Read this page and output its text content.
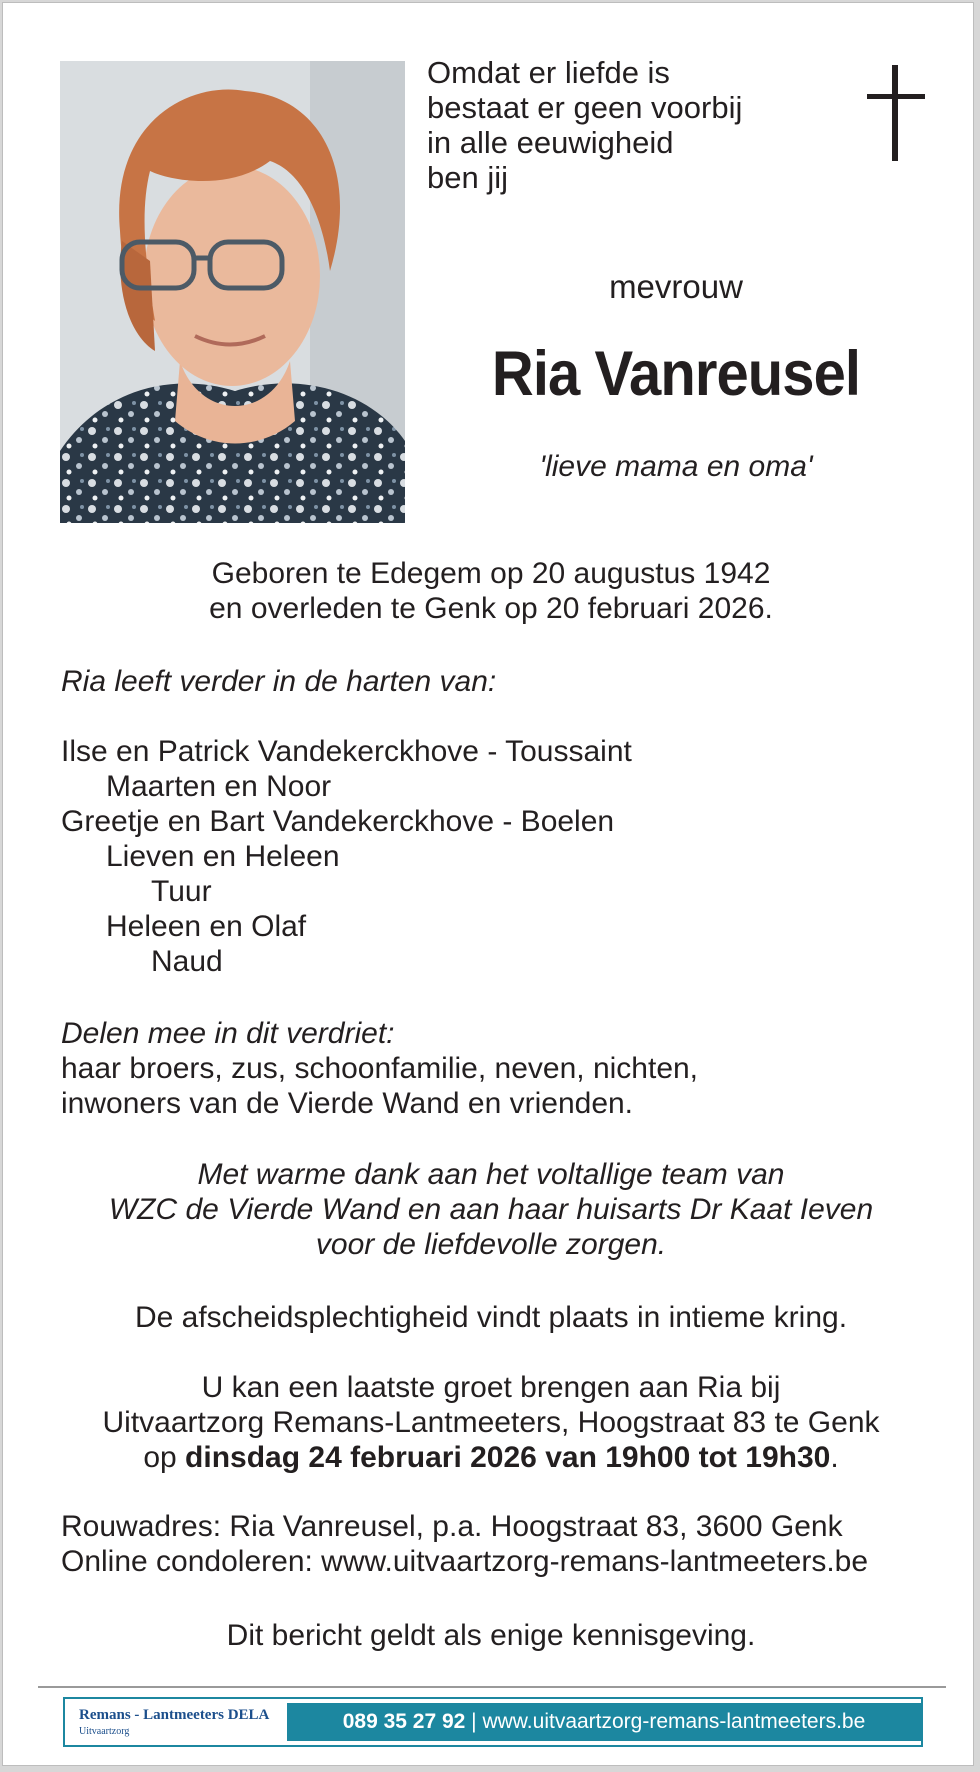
Omdat er liefde is
bestaat er geen voorbij
in alle eeuwigheid
ben jij
mevrouw
Ria Vanreusel
'lieve mama en oma'
Geboren te Edegem op 20 augustus 1942
en overleden te Genk op 20 februari 2026.
Ria leeft verder in de harten van:
Ilse en Patrick Vandekerckhove - Toussaint
Maarten en Noor
Greetje en Bart Vandekerckhove - Boelen
Lieven en Heleen
Tuur
Heleen en Olaf
Naud
Delen mee in dit verdriet:
haar broers, zus, schoonfamilie, neven, nichten,
inwoners van de Vierde Wand en vrienden.
Met warme dank aan het voltallige team van
WZC de Vierde Wand en aan haar huisarts Dr Kaat Ieven
voor de liefdevolle zorgen.
De afscheidsplechtigheid vindt plaats in intieme kring.
U kan een laatste groet brengen aan Ria bij
Uitvaartzorg Remans-Lantmeeters, Hoogstraat 83 te Genk
op dinsdag 24 februari 2026 van 19h00 tot 19h30.
Rouwadres: Ria Vanreusel, p.a. Hoogstraat 83, 3600 Genk
Online condoleren: www.uitvaartzorg-remans-lantmeeters.be
Dit bericht geldt als enige kennisgeving.
Remans - Lantmeeters DELA
Uitvaartzorg	089 35 27 92 | www.uitvaartzorg-remans-lantmeeters.be
